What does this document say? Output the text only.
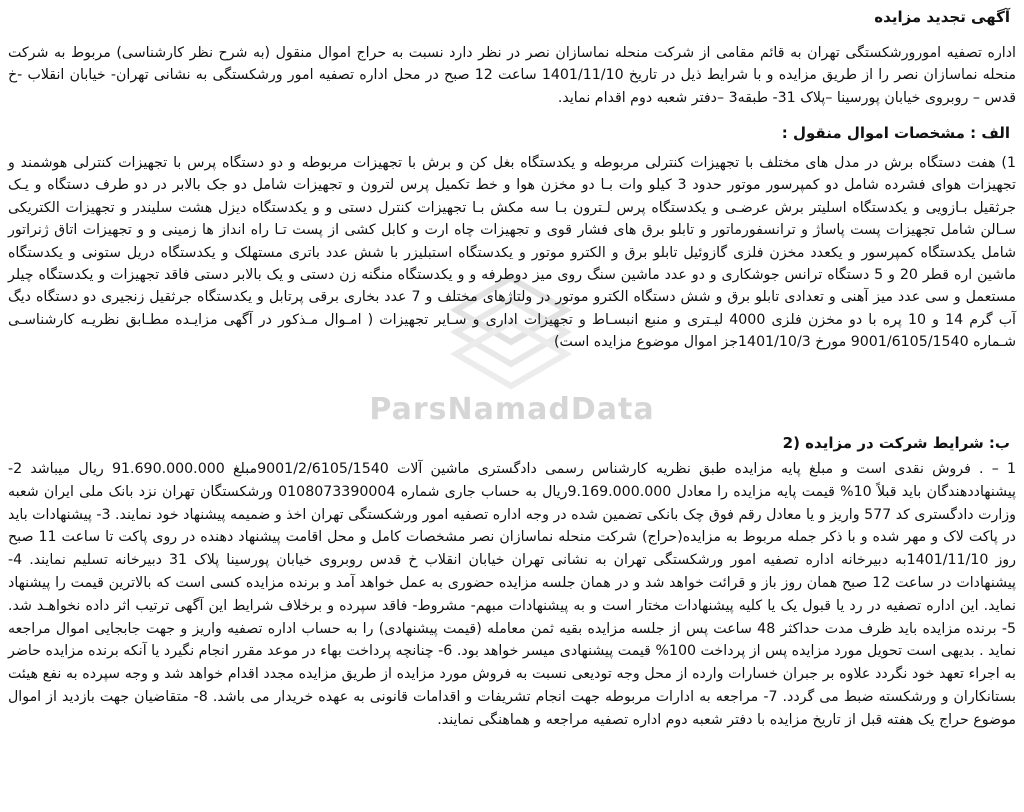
ParsNamadData
آگهی تجدید مزایده
اداره تصفیه امورورشکستگی تهران به قائم مقامی از شرکت منحله نماسازان نصر در نظر دارد نسبت به حراج اموال منقول (به شرح نظر کارشناسی) مربوط به شرکت منحله نماسازان نصر را از طریق مزایده و با شرایط ذیل در تاریخ 1401/11/10 ساعت 12 صبح در محل اداره تصفیه امور ورشکستگی به نشانی تهران- خیابان انقلاب -خ قدس – روبروی خیابان پورسینا –پلاک 31- طبقه3 –دفتر شعبه دوم اقدام نماید.
الف : مشخصات اموال منقول :
1) هفت دستگاه برش در مدل های مختلف با تجهیزات کنترلی مربوطه و یکدستگاه بغل کن و برش با تجهیزات مربوطه و دو دستگاه پرس با تجهیزات کنترلی هوشمند و تجهیزات هوای فشرده شامل دو کمپرسور موتور حدود 3 کیلو وات بـا دو مخزن هوا و خط تکمیل پرس لترون و تجهیزات شامل دو جک بالابر در دو طرف دستگاه و یـک جرثقیل بـازویی و یکدستگاه اسلیتر برش عرضـی و یکدستگاه پرس لـترون بـا سه مکش بـا تجهیزات کنترل دستی و و یکدستگاه دیزل هشت سلیندر و تجهیزات الکتریکی سـالن شامل تجهیزات پست پاساژ و ترانسفورماتور و تابلو برق های فشار قوی و تجهیزات چاه ارت و کابل کشی از پست تـا راه انداز ها زمینی و و تجهیزات اتاق ژنراتور شامل یکدستگاه کمپرسور و یکعدد مخزن فلزی گازوئیل تابلو برق و الکترو موتور و یکدستگاه استبلیزر با شش عدد باتری مستهلک و یکدستگاه دریل ستونی و یکدستگاه ماشین اره قطر 20 و 5 دستگاه ترانس جوشکاری و دو عدد ماشین سنگ روی میز دوطرفه و و یکدستگاه منگنه زن دستی و یک بالابر دستی فاقد تجهیزات و یکدستگاه چیلر مستعمل و سی عدد میز آهنی و تعدادی تابلو برق و شش دستگاه الکترو موتور در ولتاژهای مختلف و 7 عدد بخاری برقی پرتابل و یکدستگاه جرثقیل زنجیری دو دستگاه دیگ آب گرم 14 و 10 پره با دو مخزن فلزی 4000 لیـتری و منبع انبسـاط و تجهیزات اداری و سـایر تجهیزات ( امـوال مـذکور در آگهی مزایـده مطـابق نظریـه کارشناسـی شـماره 9001/6105/1540 مورخ 1401/10/3جز اموال موضوع مزایده است)
ب: شرایط شرکت در مزایده (2
1 – . فروش نقدی است و مبلغ پایه مزایده طبق نظریه کارشناس رسمی دادگستری ماشین آلات 9001/2/6105/1540مبلغ 91.690.000.000 ریال میباشد 2- پیشنهاددهندگان باید قبلاً 10% قیمت پایه مزایده را معادل 9.169.000.000ریال به حساب جاری شماره 0108073390004 ورشکستگان تهران نزد بانک ملی ایران شعبه وزارت دادگستری کد 577 واریز و یا معادل رقم فوق چک بانکی تضمین شده در وجه اداره تصفیه امور ورشکستگی تهران اخذ و ضمیمه پیشنهاد خود نمایند. 3- پیشنهادات باید در پاکت لاک و مهر شده و با ذکر جمله مربوط به مزایده(حراج) شرکت منحله نماسازان نصر مشخصات کامل و محل اقامت پیشنهاد دهنده در روی پاکت تا ساعت 11 صبح روز 1401/11/10به دبیرخانه اداره تصفیه امور ورشکستگی تهران به نشانی تهران خیابان انقلاب خ قدس روبروی خیابان پورسینا پلاک 31 دبیرخانه تسلیم نمایند. 4- پیشنهادات در ساعت 12 صبح همان روز باز و قرائت خواهد شد و در همان جلسه مزایده حضوری به عمل خواهد آمد و برنده مزایده کسی است که بالاترین قیمت را پیشنهاد نماید. این اداره تصفیه در رد یا قبول یک یا کلیه پیشنهادات مختار است و به پیشنهادات مبهم- مشروط- فاقد سپرده و برخلاف شرایط این آگهی ترتیب اثر داده نخواهـد شد. 5- برنده مزایده باید ظرف مدت حداکثر 48 ساعت پس از جلسه مزایده بقیه ثمن معامله (قیمت پیشنهادی) را به حساب اداره تصفیه واریز و جهت جابجایی اموال مراجعه نماید . بدیهی است تحویل مورد مزایده پس از پرداخت 100% قیمت پیشنهادی میسر خواهد بود. 6- چنانچه پرداخت بهاء در موعد مقرر انجام نگیرد یا آنکه برنده مزایده حاضر به اجراء تعهد خود نگردد علاوه بر جبران خسارات وارده از محل وجه تودیعی نسبت به فروش مورد مزایده از طریق مزایده مجدد اقدام خواهد شد و وجه سپرده به نفع هیئت بستانکاران و ورشکسته ضبط می گردد. 7- مراجعه به ادارات مربوطه جهت انجام تشریفات و اقدامات قانونی به عهده خریدار می باشد. 8- متقاضیان جهت بازدید از اموال موضوع حراج یک هفته قبل از تاریخ مزایده با دفتر شعبه دوم اداره تصفیه مراجعه و هماهنگی نمایند.
